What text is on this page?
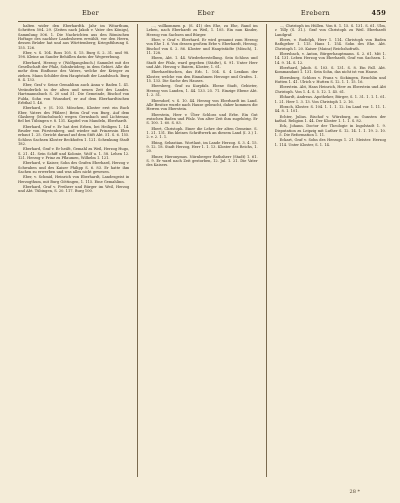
Eber	Eber	Erebern	459

halten wider den Eberhardtk. Jahr im Witarthum, Schritten 504. 29. (Zeiten nach Jakob v. Vater des Königs), Sammlung 506. 1. Die Nachrichten aus den Römischen Hoftage des nachher Landesherrn erwählt, vor den Herrn, dessen Brüder hat und aus Württemberg; Kriegsführung S. 155. 126.

Eber, v. S. 104. Ross 105. S. 15. Burg S. 2. 31. und 98. 198. Kleine an Sander Behüllen darin der Wegwerbung.

Eberhard, Herzog v. (Wolfgangsbuch.) Sammlet mit der Gesellschaft der Pfalz, Sohnbrüderg, in dem Gebiet. Alle die mehr dem Einflusse des Vaters, welche der Krieger zu ziehen. Mann Schilder dem Hauptstadt der Landsbuch. Burg 8. 4. 133.

Eber, Graf v. Seine Gemahlinn auch Anna v. Baden 1. 41. Veränderlich in der alten und neuen Zeit des Landes. Hartmannsbuch S. 20 und 51. Die Gemeinde, Bischof von Fulda, Sohn von Wunsdorf, er auf dem Eberhardtischen Erbthal 1. 46.

Eberhard, v. (S. 103. Mönchen, Kloster erst ein Buch Eber, Vaters des Pfälzer.) Beim Graf von Burg, Auf dem Glasberg (Mönchsbuch) wegen Gernsbach und Lichtenau; fiel bei Tübingen v. 8. 131. Kapitel von Mandeln, Eberhardt.

Eberhard, Graf v. Er hat drei Erben, bei Heiligen 1. 14. Bruder von Fürstenberg, und wieder mit Prinzessin Eber erbaut 1. 25. Gericht darauf auf dem Stift Abt. 51. S. 6. 155. Schloss Sachsen Kloster Beckhofen 1. 121. Schenkung Stadt 182.

Eberhard, Graf v. Er heißt, Gemahl zu Weil, Herzog Hugo, S. 21. 41. Sein Schiff und Kolonie, Wolf u. 1. 58. Lehen 12. 121. Herzog v. Prinz zu Pflaumen, Wilhelm 1. 121.

Eberhard, v. Kaiser, Sohn des Grafen Eberhard, Herzog v. Schwaben und des Kaiser Philipp S. 6. 83. Er hatte ihm Sachen zu erwerben und was alles nicht gewesen.

Eber, v. Schmid, Heinrich von Eberhardt, Landesgeist in Herzogthum, mit Burg Göttingen, 1. 115. Eine Gemahlinn.

Eberhard, Graf v. Freiherr und Bürger im Weil, Herzog und Abt. Tübingen, S. 20. 117. Burg 100.

..., vollkommen p. (S. 41) des Ehe, zu Ehe, Rand im Leben, nach Eberhardt zu Weil, 1. 105. Ein nun Kinder, Herzog von Sachsen und Bürger.

Eber, v. Graf v. Eberhard. Er wird genannt zum Herzog von Ehe 1. 6. Von dessen großem Erbe v. Eberhardt, Herzog, Bischof von S. 2. 86. Kloster und Hauptstädte (Mönch), 1. 11. 128.

Ebern, Abt. 1. 44. Wiederherstellung. Sein Schloss und Stadt der Pfalz, ward gegeben (Städte), S. 91. Unter Herr und Abt. Herzog v. Baiern, Kloster, 1. 61.

Eberhardtischen, das Erb. 1. 104. S. 4 Lexikon der Kloster, welche von den Einnahmen Herzoge und Grafen. 1. 15. 133. Die Sache des Hauses.

Ebersberg, Graf zu Kurpfalz. Ebene Stadt, Gebieter, Herzog von Landen, 1. 44. 133. 25. 71. Einzige Ebene Abt. 1. 2. 51.

Ebersdorf, v. S. 10. 44. Herzog von Eberhardt im Land. Alle Besitze wurde nach Hause gebracht, daher kommen die Herren von Eberstein.

Eberstein, Herr v. Über Schloss und Erbe. Ein Gut zwischen Baden und Pfalz. Von alter Zeit ihm zugehörig. Er S. 100. 1. 60. S. 83.

Ebert, Christoph. Einer die Lehre der alten Gemeine. S. 1. 21. 131. Ein kleines Schriftwerk an diesem Land (I. 3.) 1. 2. v. 2. 1. 1.

Ebing, Sebastian. Wortlaut, im Lande Herzog. S. 3. 4. 15. 9. 12. 18. Stadt Herzog, Herr 1. 1. 13. Kloster des Reichs, 1. 20.

Ebner, Hieronymus. Nürnberger Rathsherr (Stadt) 1. 61. S. 9. Er ward nach Zeit gestorben, 12. Jul. 1. 21. Die Vater des Kaisers.

..., Christoph im Hüllen. Von 8. 1. 15. S. 131. S. 61. Ulm, v. Tilly (S. 31.). Graf von Christoph zu Weil. Eberhardt Landgraf.

Ebers, v. Rudolph, Herr 1. 114. Christoph von Baden Rathgeber 1. 115. Hans 1. 154. Sohn des Ehe. Abt. Christoph 1. 20. Kaiser (Mainz) Reichshofrath.

Ebersbach, v. Anton, Bürgerhauptmann. S. 2. 61. Mit 1. 14. 131. Leben Herzog von Eberhardt, Graf von Sachsen. 1. 14. 9. 14. S. 12.

Eberhard, Jakob. S. 103. S. 131. S. 8. Ein Fall. Abt. Kommandant 1. 131. Sein Sohn, das nicht ist von Hause.

Ebernburg, Schloss v. Franz v. Sickingen, Reuchlin und Hutten 1. 41. Ulrich v. Hutten S. 12. 1. 1. 15. 16.

Eberstein. Abt, Hans Heinrich, Herr zu Eberstein und Abt Christoph. Von 1. 4. S. 5. 12. 1. 45. 61.

Ebhardt, Andreas. Apotheker, Bürger, S. 1. 31. 1. 1. 1. 61. 1. 21. Herr 1. 3. 13. Von Christoph 1. 2. 16.

Ebrach, Kloster. S. 104. 1. 1. 1. 12. Im Land vor. 1. 11. 1. 44. 8. 1. 101.

Echter, Julius. Bischof v. Würzburg, zu Gunsten der kathol. Religion 1. 44. Der Kloster 1. 1. 1. S. 82.

Eck, Johann. Doctor der Theologie in Ingolstadt 1. 9. Disputation zu Leipzig mit Luther S. 12. 14. 1. 1. 19. 2. 10. 1. 5. Die Reformation 1. 11.

Eckart, Graf v. Sohn des Herzogs 1. 21. Meister. Herzog 1. 114. Unter Kloster, S. 1. 14.

28 *
